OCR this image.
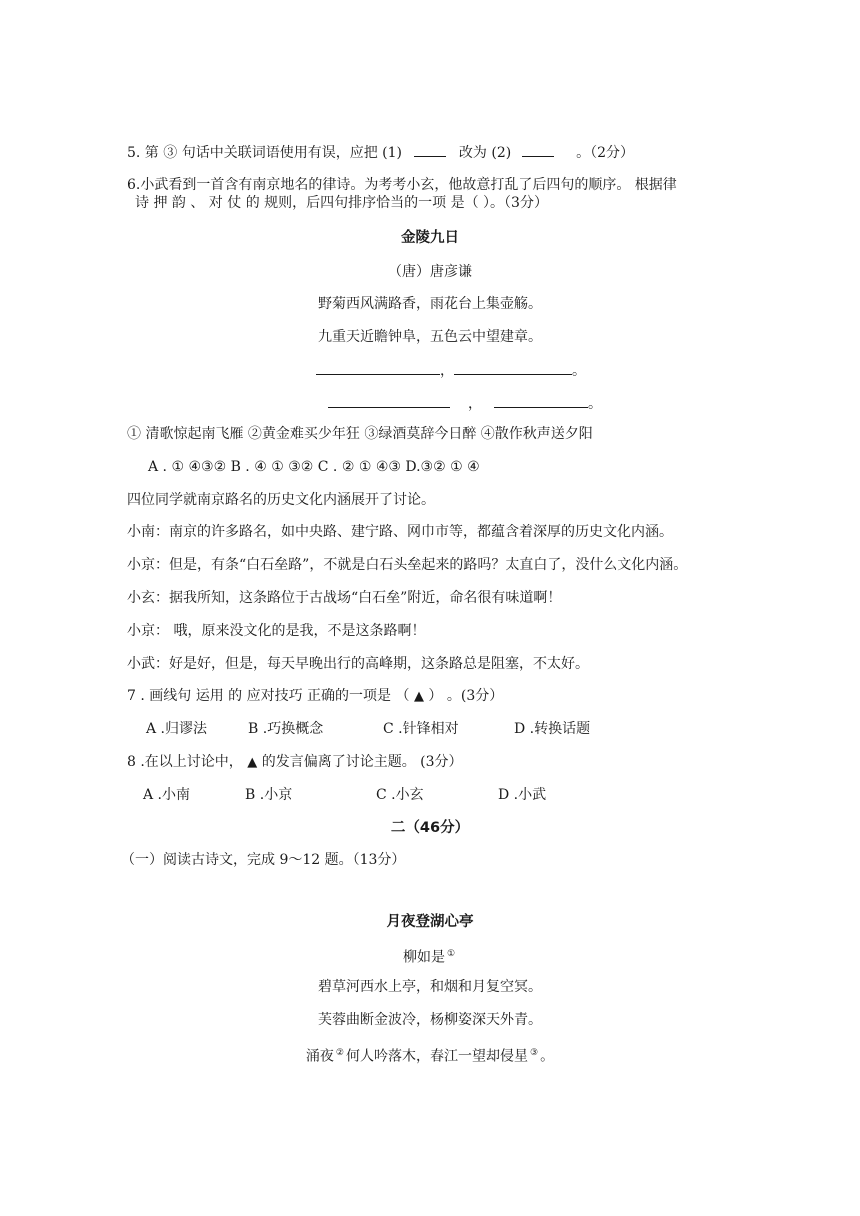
5. 第 ③ 句话中关联词语使用有误，应把 (1)	改为 (2)	。（2分）
6.小武看到一首含有南京地名的律诗。为考考小玄，他故意打乱了后四句的顺序。 根据律
诗 押 韵 、 对 仗 的 规则，后四句排序恰当的一项 是（ ）。（3分）
金陵九日
（唐）唐彦谦
野菊西风满路香，雨花台上集壶觞。
九重天近瞻钟阜，五色云中望建章。
，	。
，	。
① 清歌惊起南飞雁 ②黄金难买少年狂 ③绿酒莫辞今日醉 ④散作秋声送夕阳
A . ① ④③② B . ④ ① ③② C . ② ① ④③ D.③② ① ④
四位同学就南京路名的历史文化内涵展开了讨论。
小南：南京的许多路名，如中央路、建宁路、网巾市等，都蕴含着深厚的历史文化内涵。
小京：但是，有条“白石垒路”，不就是白石头垒起来的路吗？太直白了，没什么文化内涵。
小玄：据我所知，这条路位于古战场“白石垒”附近，命名很有味道啊！
小京： 哦，原来没文化的是我，不是这条路啊！
小武：好是好，但是，每天早晚出行的高峰期，这条路总是阻塞，不太好。
7 . 画线句 运用 的 应对技巧 正确的一项是 （ ▲ ） 。(3分）
A .归谬法	B .巧换概念	C .针锋相对	D .转换话题
8 .在以上讨论中， ▲ 的发言偏离了讨论主题。 (3分）
A .小南	B .小京	C .小玄	D .小武
二（46分）
（一）阅读古诗文，完成 9～12 题。（13分）
月夜登湖心亭
柳如是 ①
碧草河西水上亭，和烟和月复空冥。
芙蓉曲断金波冷，杨柳姿深天外青。
涌夜 ② 何人吟落木，春江一望却侵星 ③ 。
